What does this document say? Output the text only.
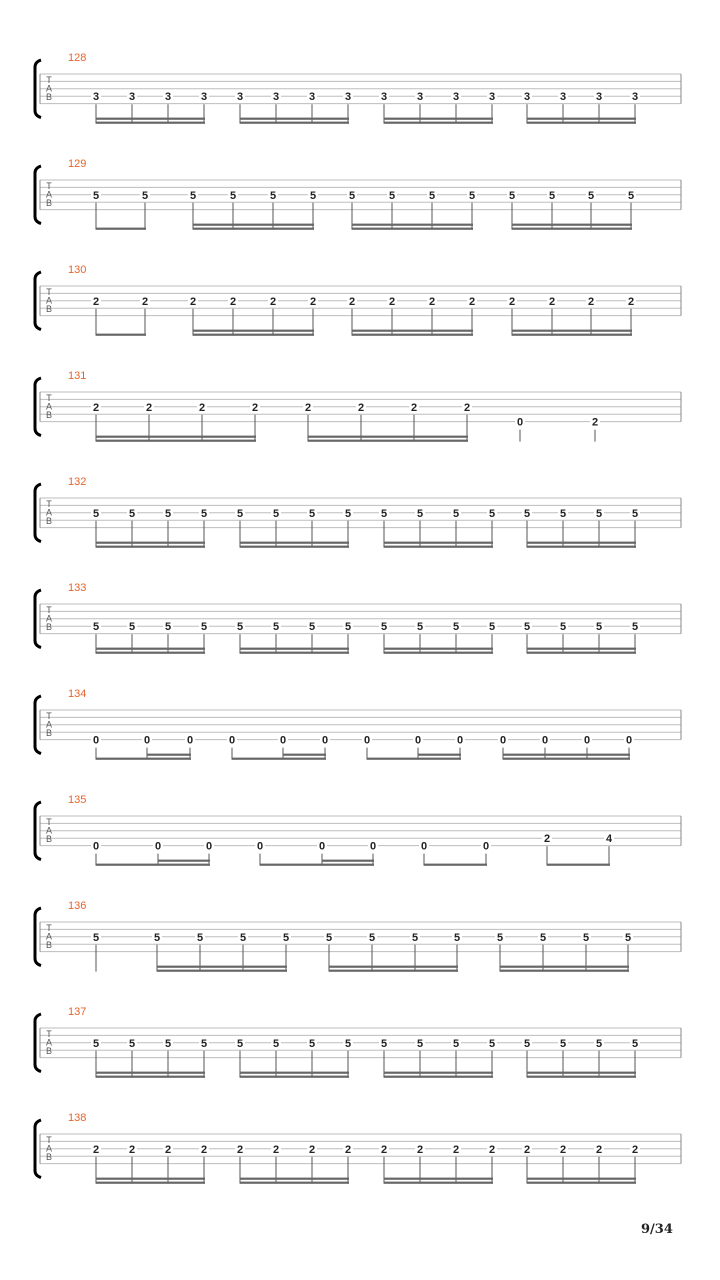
T
A
B
128
3	3	3	3	3	3	3	3	3	3	3	3	3	3	3	3
T
A
B
129
5	5	5	5	5	5	5	5	5	5	5	5	5	5
T
A
B
130
2	2	2	2	2	2	2	2	2	2	2	2	2	2
T
A
B
131
2	2	2	2	2	2	2	2
0	2
T
A
B
132
5	5	5	5	5	5	5	5	5	5	5	5	5	5	5	5
T
A
B
133
5	5	5	5	5	5	5	5	5	5	5	5	5	5	5	5
T
A
B
134
0	0	0	0	0	0	0	0	0	0	0	0	0
T
A
B
135
0	0	0	0	0	0	0	0
2	4
T
A
B
136
5	5	5	5	5	5	5	5	5	5	5	5	5
T
A
B
137
5	5	5	5	5	5	5	5	5	5	5	5	5	5	5	5
T
A
B
138
2	2	2	2	2	2	2	2	2	2	2	2	2	2	2	2
9/34
